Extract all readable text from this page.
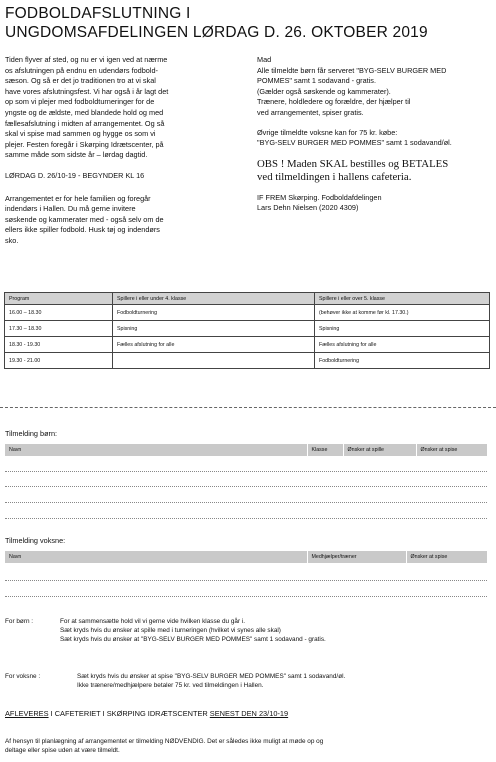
FODBOLDAFSLUTNING I
UNGDOMSAFDELINGEN LØRDAG D. 26. OKTOBER 2019

Tiden flyver af sted, og nu er vi igen ved at nærme
os afslutningen på endnu en udendørs fodbold-
sæson. Og så er det jo traditionen tro at vi skal
have vores afslutningsfest. Vi har også i år lagt det
op som vi plejer med fodboldturneringer for de
yngste og de ældste, med blandede hold og med
fællesafslutning i midten af arrangementet. Og så
skal vi spise mad sammen og hygge os som vi
plejer. Festen foregår i Skørping Idrætscenter, på
samme måde som sidste år – lørdag dagtid.

LØRDAG D. 26/10-19 - BEGYNDER KL 16

Arrangementet er for hele familien og foregår
indendørs i Hallen. Du må gerne invitere
søskende og kammerater med - også selv om de
ellers ikke spiller fodbold. Husk tøj og indendørs
sko.

Mad
Alle tilmeldte børn får serveret "BYG-SELV BURGER MED
POMMES" samt 1 sodavand - gratis.
(Gælder også søskende og kammerater).
Trænere, holdledere og forældre, der hjælper til
ved arrangementet, spiser gratis.

Øvrige tilmeldte voksne kan for 75 kr. købe:
"BYG-SELV BURGER MED POMMES" samt 1 sodavand/øl.

OBS ! Maden SKAL bestilles og BETALES
ved tilmeldingen i hallens cafeteria.

IF FREM Skørping. Fodboldafdelingen
Lars Dehn Nielsen (2020 4309)

Program	Spillere i eller under 4. klasse	Spillere i eller over 5. klasse
16.00 – 18.30	Fodboldturnering	(behøver ikke at komme før kl. 17.30.)
17.30 – 18.30	Spisning	Spisning
18.30 - 19.30	Fælles afslutning for alle	Fælles afslutning for alle
19.30 - 21.00		Fodboldturnering
Tilmelding børn:
Navn	Klasse	Ønsker at spille	Ønsker at spise
Tilmelding voksne:
Navn	Medhjælper/træner	Ønsker at spise
For børn :	For at sammensætte hold vil vi gerne vide hvilken klasse du går i.
Sæt kryds hvis du ønsker at spille med i turneringen (hvilket vi synes alle skal)
Sæt kryds hvis du ønsker at "BYG-SELV BURGER MED POMMES" samt 1 sodavand - gratis.
For voksne :	Sæt kryds hvis du ønsker at spise "BYG-SELV BURGER MED POMMES" samt 1 sodavand/øl.
Ikke trænere/medhjælpere betaler 75 kr. ved tilmeldingen i Hallen.
AFLEVERES I CAFETERIET I SKØRPING IDRÆTSCENTER SENEST DEN 23/10-19
Af hensyn til planlægning af arrangementet er tilmelding NØDVENDIG. Det er således ikke muligt at møde op og
deltage eller spise uden at være tilmeldt.
